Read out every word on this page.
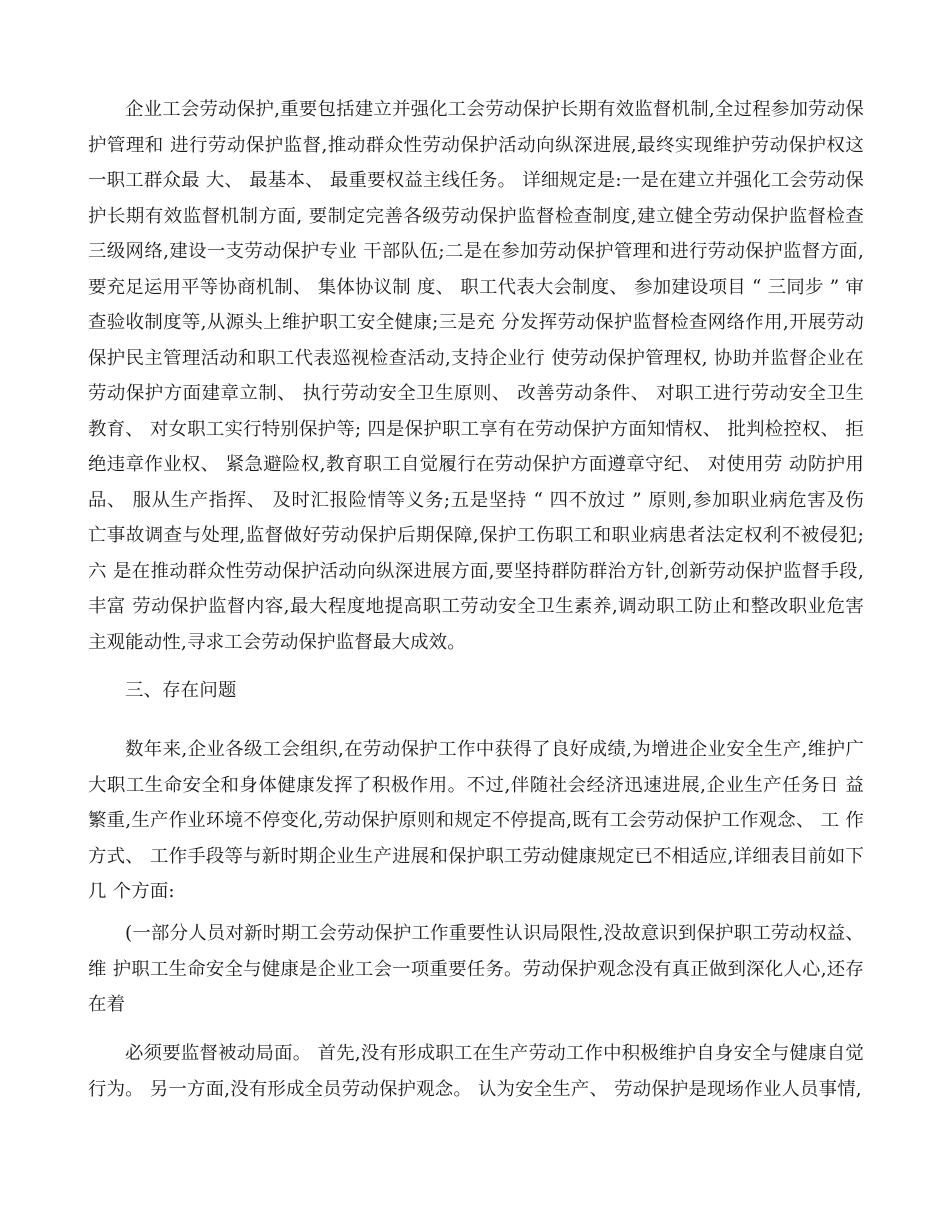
企业工会劳动保护,重要包括建立并强化工会劳动保护长期有效监督机制,全过程参加劳动保护管理和 进行劳动保护监督,推动群众性劳动保护活动向纵深进展,最终实现维护劳动保护权这一职工群众最 大、 最基本、 最重要权益主线任务。 详细规定是:一是在建立并强化工会劳动保护长期有效监督机制方面, 要制定完善各级劳动保护监督检查制度,建立健全劳动保护监督检查三级网络,建设一支劳动保护专业 干部队伍;二是在参加劳动保护管理和进行劳动保护监督方面,要充足运用平等协商机制、 集体协议制 度、 职工代表大会制度、 参加建设项目 “ 三同步 ” 审查验收制度等,从源头上维护职工安全健康;三是充 分发挥劳动保护监督检查网络作用,开展劳动保护民主管理活动和职工代表巡视检查活动,支持企业行 使劳动保护管理权, 协助并监督企业在劳动保护方面建章立制、 执行劳动安全卫生原则、 改善劳动条件、 对职工进行劳动安全卫生教育、 对女职工实行特别保护等; 四是保护职工享有在劳动保护方面知情权、 批判检控权、 拒绝违章作业权、 紧急避险权,教育职工自觉履行在劳动保护方面遵章守纪、 对使用劳 动防护用品、 服从生产指挥、 及时汇报险情等义务;五是坚持 “ 四不放过 ” 原则,参加职业病危害及伤 亡事故调查与处理,监督做好劳动保护后期保障,保护工伤职工和职业病患者法定权利不被侵犯;六 是在推动群众性劳动保护活动向纵深进展方面,要坚持群防群治方针,创新劳动保护监督手段,丰富 劳动保护监督内容,最大程度地提高职工劳动安全卫生素养,调动职工防止和整改职业危害主观能动性,寻求工会劳动保护监督最大成效。

三、存在问题

数年来,企业各级工会组织,在劳动保护工作中获得了良好成绩,为增进企业安全生产,维护广大职工生命安全和身体健康发挥了积极作用。不过,伴随社会经济迅速进展,企业生产任务日 益繁重,生产作业环境不停变化,劳动保护原则和规定不停提高,既有工会劳动保护工作观念、 工 作方式、 工作手段等与新时期企业生产进展和保护职工劳动健康规定已不相适应,详细表目前如下几 个方面:

(一部分人员对新时期工会劳动保护工作重要性认识局限性,没故意识到保护职工劳动权益、维 护职工生命安全与健康是企业工会一项重要任务。劳动保护观念没有真正做到深化人心,还存在着

必须要监督被动局面。 首先,没有形成职工在生产劳动工作中积极维护自身安全与健康自觉行为。 另一方面,没有形成全员劳动保护观念。 认为安全生产、 劳动保护是现场作业人员事情,
